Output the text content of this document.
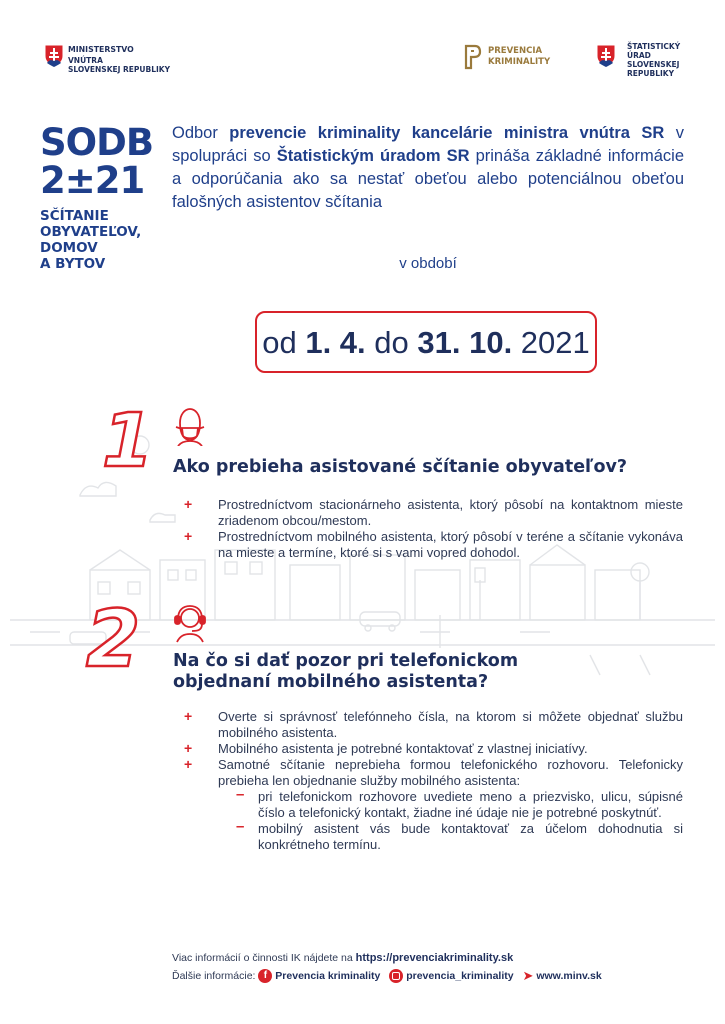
MINISTERSTVO
VNÚTRA
SLOVENSKEJ REPUBLIKY
PREVENCIA
KRIMINALITY
ŠTATISTICKÝ
ÚRAD
SLOVENSKEJ
REPUBLIKY
SODB
2±21
SČÍTANIE
OBYVATEĽOV,
DOMOV
A BYTOV
Odbor prevencie kriminality kancelárie ministra vnútra SR v spolupráci so Štatistickým úradom SR prináša základné informácie a odporúčania ako sa nestať obeťou alebo potenciálnou obeťou falošných asistentov sčítania
v období
od 1. 4. do 31. 10. 2021
1 Ako prebieha asistované sčítanie obyvateľov?
+ Prostredníctvom stacionárneho asistenta, ktorý pôsobí na kontaktnom mieste zriadenom obcou/mestom.
+ Prostredníctvom mobilného asistenta, ktorý pôsobí v teréne a sčítanie vykonáva na mieste a termíne, ktoré si s vami vopred dohodol.
2 Na čo si dať pozor pri telefonickom objednaní mobilného asistenta?
+ Overte si správnosť telefónneho čísla, na ktorom si môžete objednať službu mobilného asistenta.
+ Mobilného asistenta je potrebné kontaktovať z vlastnej iniciatívy.
+ Samotné sčítanie neprebieha formou telefonického rozhovoru. Telefonicky prebieha len objednanie služby mobilného asistenta:
– pri telefonickom rozhovore uvediete meno a priezvisko, ulicu, súpisné číslo a telefonický kontakt, žiadne iné údaje nie je potrebné poskytnúť.
– mobilný asistent vás bude kontaktovať za účelom dohodnutia si konkrétneho termínu.
Viac informácií o činnosti IK nájdete na https://prevenciakriminality.sk
Ďalšie informácie: f Prevencia kriminality prevencia_kriminality ➤ www.minv.sk
